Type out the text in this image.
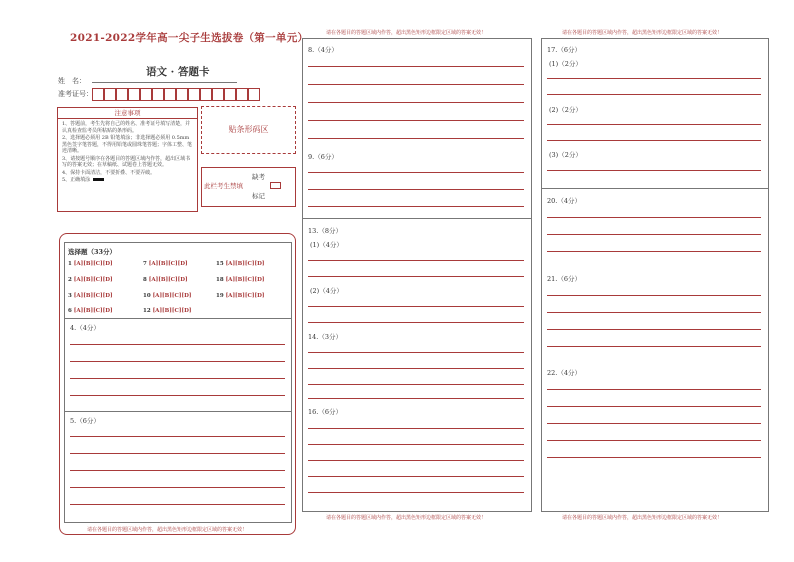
2021-2022学年高一尖子生选拔卷（第一单元）
语文 · 答题卡
姓　名：
准考证号：
注意事项
1、答题前，考生先将自己的姓名、准考证号填写清楚，并认真检查监考员所粘贴的条形码。
2、选择题必须用 2B 铅笔填涂；非选择题必须用 0.5mm 黑色签字笔答题，不得用铅笔或圆珠笔答题；字体工整、笔迹清晰。
3、请按题号顺序在各题目的答题区域内作答，超出区域书写的答案无效；在草稿纸、试题卷上答题无效。
4、保持卡面清洁，不要折叠、不要弄破。
5、正确填涂
贴条形码区
此栏考生禁填
缺考
标记
选择题（33分）
1 [A][B][C][D]
2 [A][B][C][D]
3 [A][B][C][D]
6 [A][B][C][D]
7 [A][B][C][D]
8 [A][B][C][D]
10 [A][B][C][D]
12 [A][B][C][D]
15 [A][B][C][D]
18 [A][B][C][D]
19 [A][B][C][D]
4.（4分）
5.（6分）
请在各题目的答题区域内作答，超出黑色矩形边框限定区域的答案无效！
请在各题目的答题区域内作答，超出黑色矩形边框限定区域的答案无效！
8.（4分）
9.（6分）
13.（8分）
(1)（4分）
(2)（4分）
14.（3分）
16.（6分）
请在各题目的答题区域内作答，超出黑色矩形边框限定区域的答案无效！
请在各题目的答题区域内作答，超出黑色矩形边框限定区域的答案无效！
17.（6分）
(1)（2分）
(2)（2分）
(3)（2分）
20.（4分）
21.（6分）
22.（4分）
请在各题目的答题区域内作答，超出黑色矩形边框限定区域的答案无效！
